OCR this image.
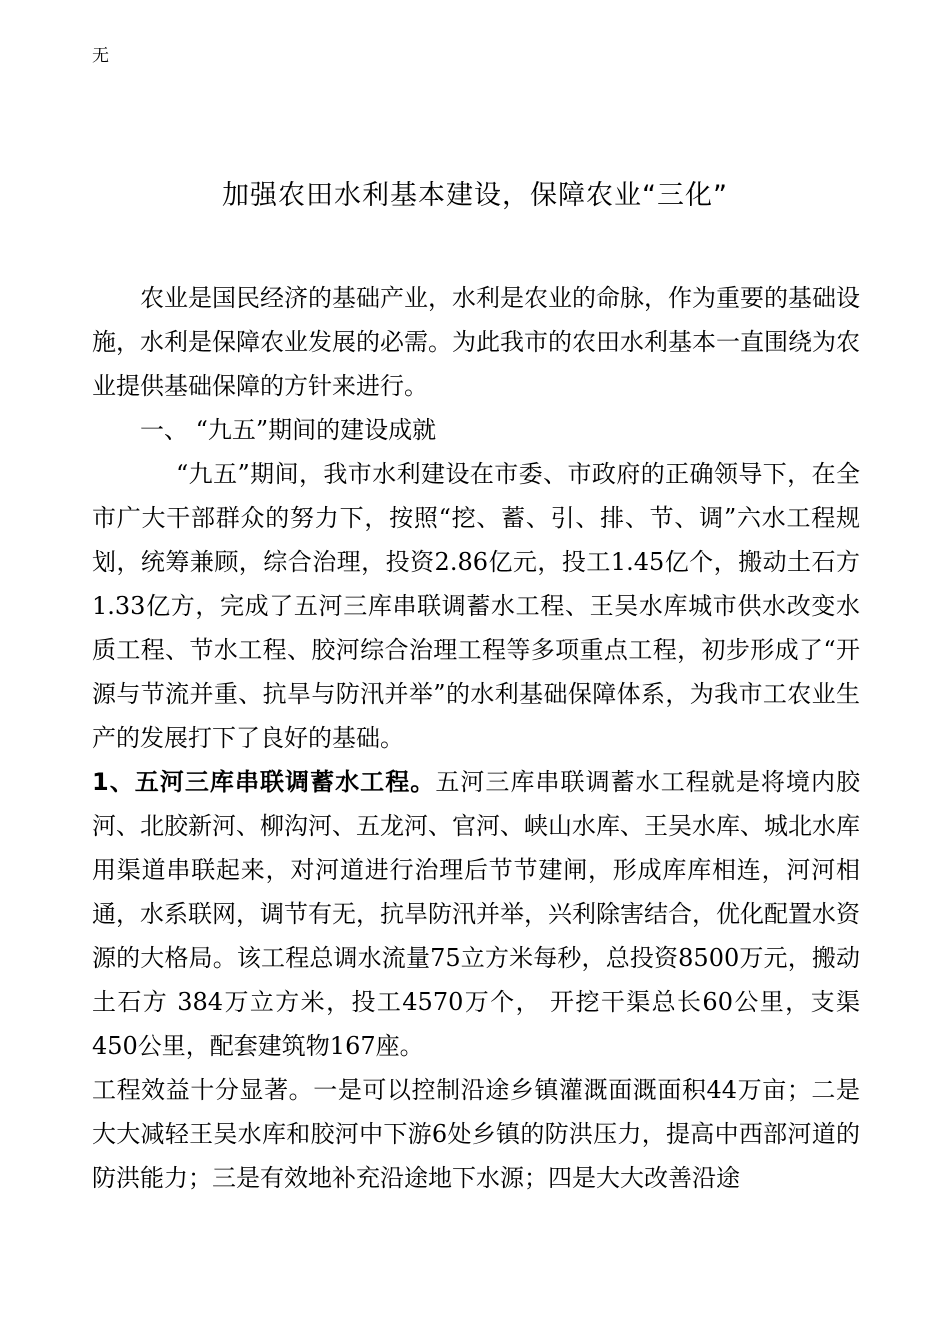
无
加强农田水利基本建设，保障农业“三化”

农业是国民经济的基础产业，水利是农业的命脉，作为重要的基础设施，水利是保障农业发展的必需。为此我市的农田水利基本一直围绕为农业提供基础保障的方针来进行。

一、 “九五”期间的建设成就

“九五”期间，我市水利建设在市委、市政府的正确领导下，在全市广大干部群众的努力下，按照“挖、蓄、引、排、节、调”六水工程规划，统筹兼顾，综合治理，投资2.86亿元，投工1.45亿个，搬动土石方1.33亿方，完成了五河三库串联调蓄水工程、王吴水库城市供水改变水质工程、节水工程、胶河综合治理工程等多项重点工程，初步形成了“开源与节流并重、抗旱与防汛并举”的水利基础保障体系，为我市工农业生产的发展打下了良好的基础。

1、五河三库串联调蓄水工程。五河三库串联调蓄水工程就是将境内胶河、北胶新河、柳沟河、五龙河、官河、峡山水库、王吴水库、城北水库用渠道串联起来，对河道进行治理后节节建闸，形成库库相连，河河相通，水系联网，调节有无，抗旱防汛并举，兴利除害结合，优化配置水资源的大格局。该工程总调水流量75立方米每秒，总投资8500万元，搬动土石方 384万立方米，投工4570万个， 开挖干渠总长60公里，支渠450公里，配套建筑物167座。

工程效益十分显著。一是可以控制沿途乡镇灌溉面溉面积44万亩；二是大大减轻王吴水库和胶河中下游6处乡镇的防洪压力，提高中西部河道的防洪能力；三是有效地补充沿途地下水源；四是大大改善沿途
